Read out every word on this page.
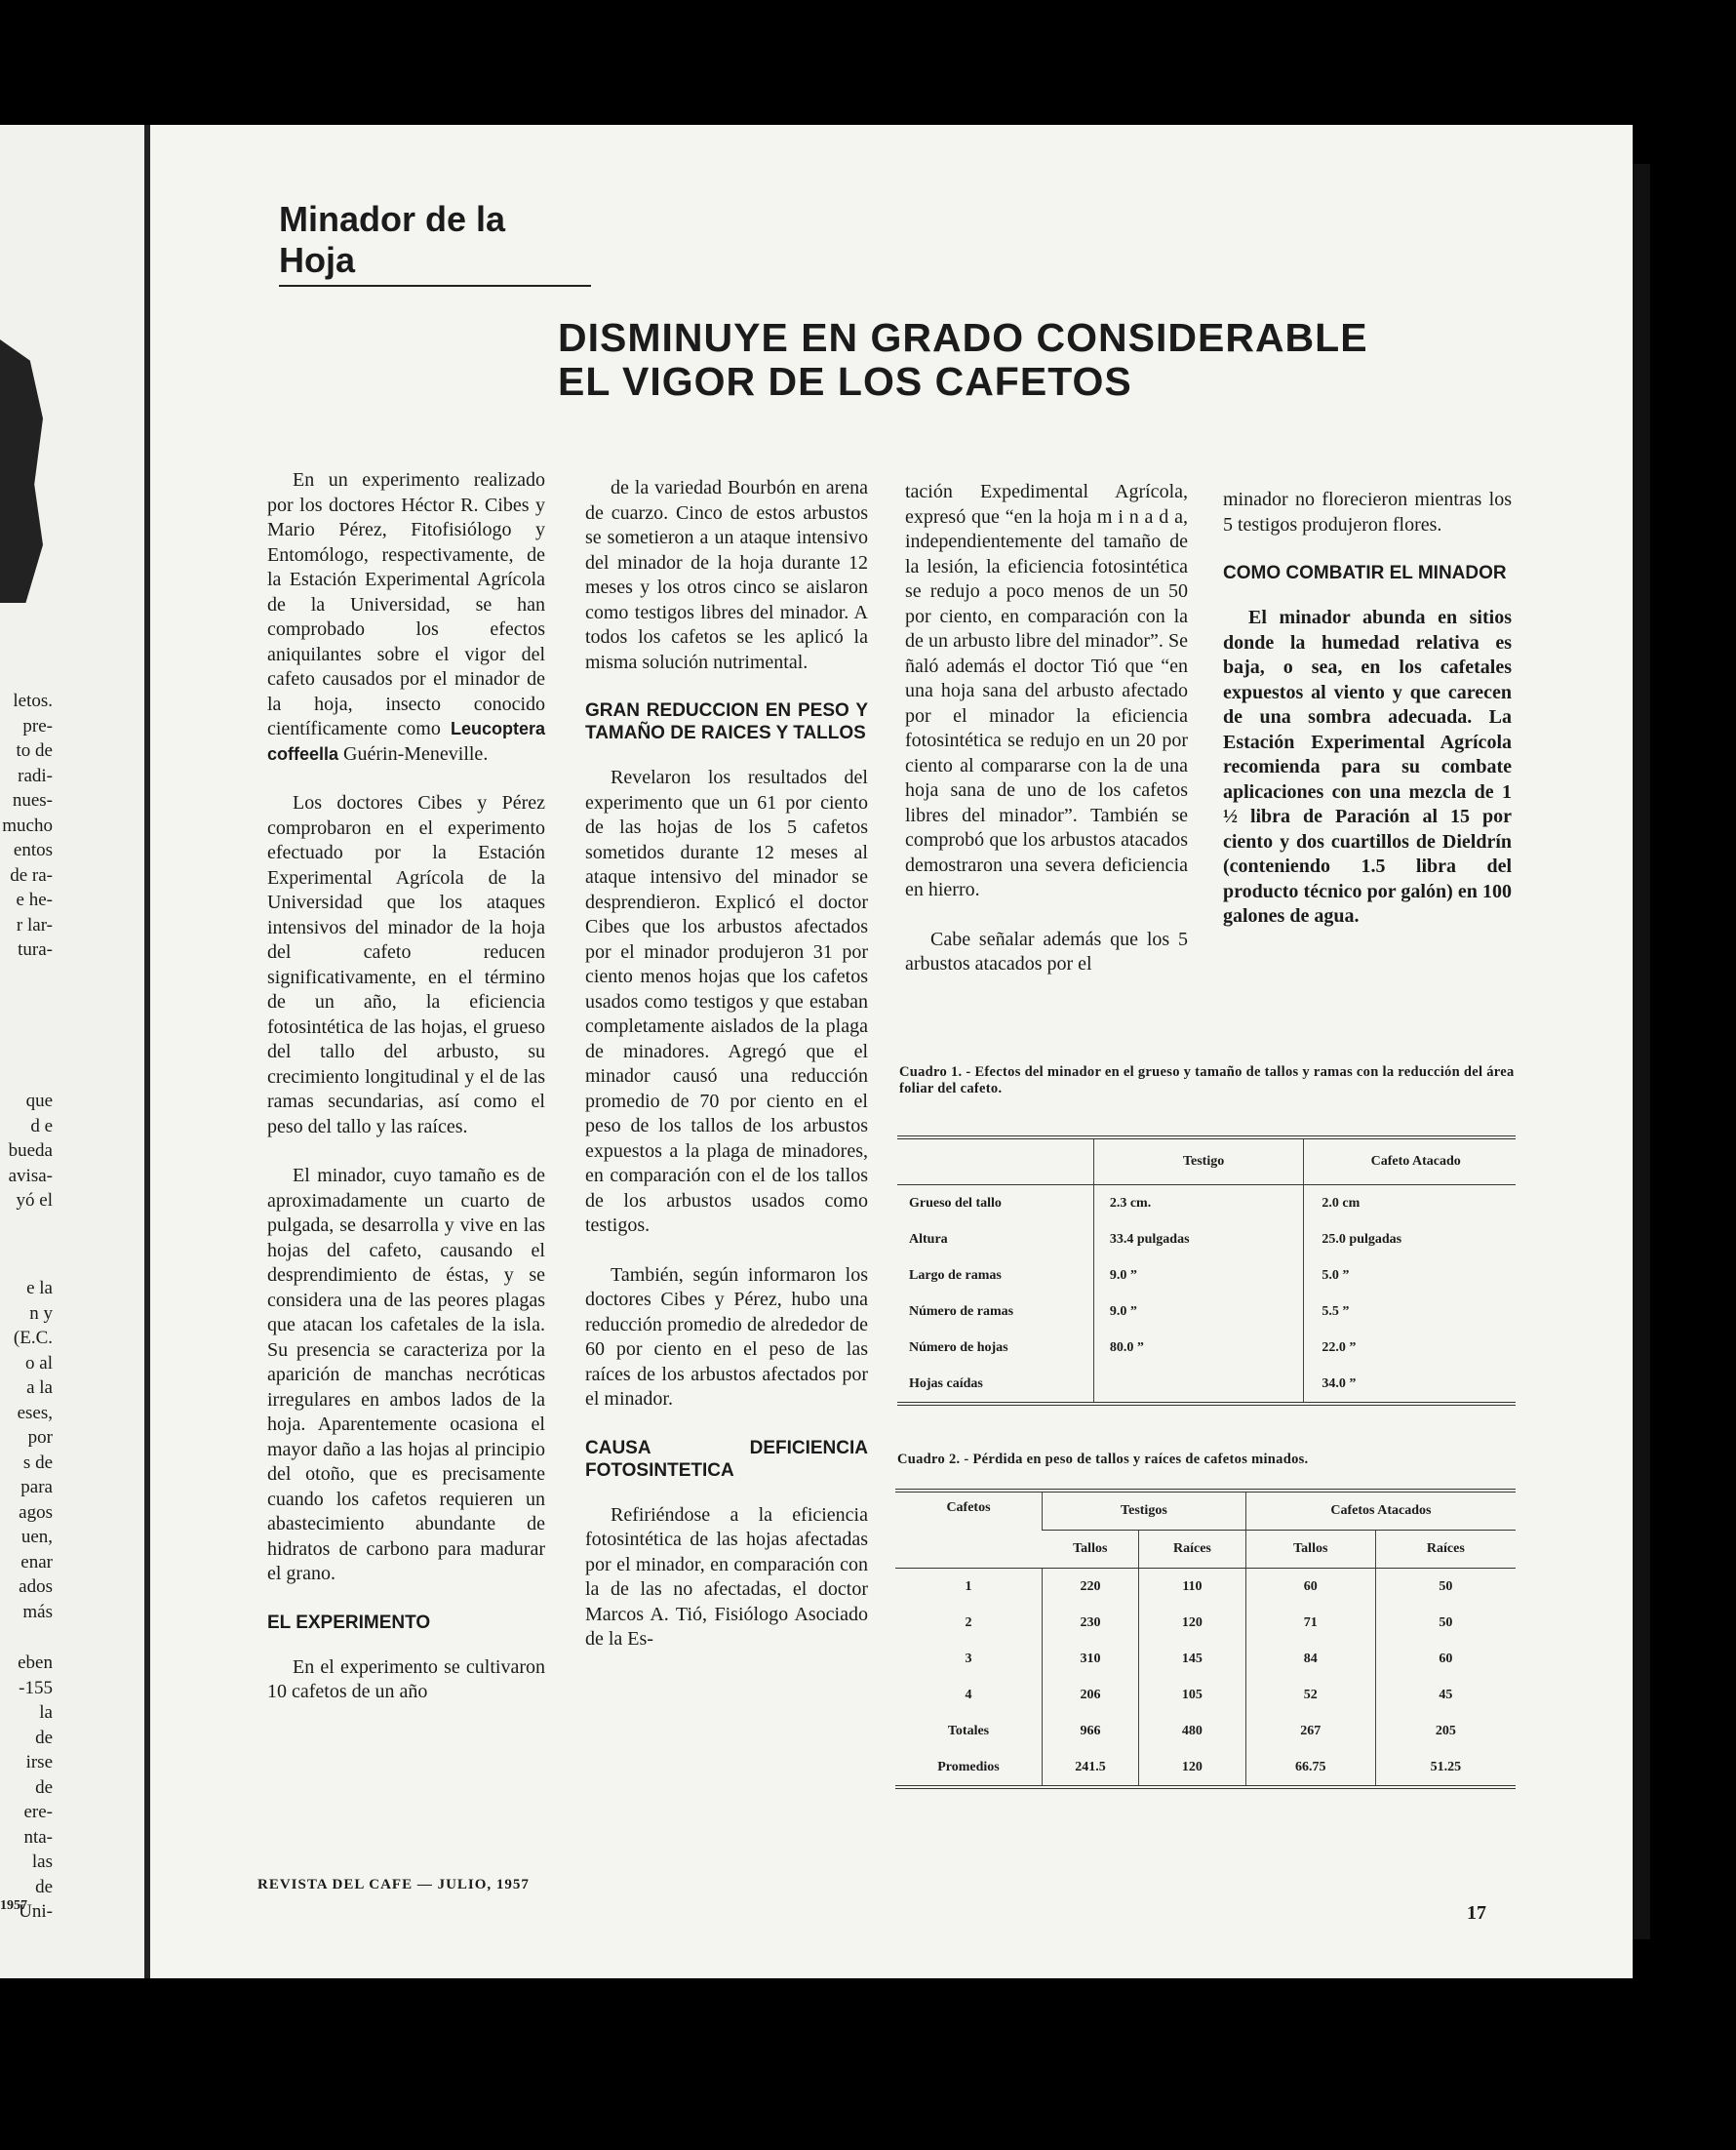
letos.
pre-
to de
radi-
nues-
mucho
entos
de ra-
e he-
r lar-
tura-
que
d e
bueda
avisa-
yó el
e la
n y
(E.C.
o al
a la
eses,
por
s de
para
agos
uen,
enar
ados
más
eben
-155
la
de
irse
de
ere-
nta-
las
de
Uni-
1957
Minador de la Hoja
DISMINUYE EN GRADO CONSIDERABLE
EL VIGOR DE LOS CAFETOS

En un experimento realizado por los doctores Héctor R. Cibes y Mario Pérez, Fitofisiólogo y Entomólogo, respectivamente, de la Estación Experimental Agrícola de la Universidad, se han comprobado los efectos aniquilantes sobre el vigor del cafeto causados por el minador de la hoja, insecto conocido científicamente como Leucoptera coffeella Guérin-Meneville.

Los doctores Cibes y Pérez comprobaron en el experimento efectuado por la Estación Experimental Agrícola de la Universidad que los ataques intensivos del minador de la hoja del cafeto reducen significativamente, en el término de un año, la eficiencia fotosintética de las hojas, el grueso del tallo del arbusto, su crecimiento longitudinal y el de las ramas secundarias, así como el peso del tallo y las raíces.

El minador, cuyo tamaño es de aproximadamente un cuarto de pulgada, se desarrolla y vive en las hojas del cafeto, causando el desprendimiento de éstas, y se considera una de las peores plagas que atacan los cafetales de la isla. Su presencia se caracteriza por la aparición de manchas necróticas irregulares en ambos lados de la hoja. Aparentemente ocasiona el mayor daño a las hojas al principio del otoño, que es precisamente cuando los cafetos requieren un abastecimiento abundante de hidratos de carbono para madurar el grano.

EL EXPERIMENTO

En el experimento se cultivaron 10 cafetos de un año

de la variedad Bourbón en arena de cuarzo. Cinco de estos arbustos se sometieron a un ataque intensivo del minador de la hoja durante 12 meses y los otros cinco se aislaron como testigos libres del minador. A todos los cafetos se les aplicó la misma solución nutrimental.

GRAN REDUCCION EN PESO Y TAMAÑO DE RAICES Y TALLOS

Revelaron los resultados del experimento que un 61 por ciento de las hojas de los 5 cafetos sometidos durante 12 meses al ataque intensivo del minador se desprendieron. Explicó el doctor Cibes que los arbustos afectados por el minador produjeron 31 por ciento menos hojas que los cafetos usados como testigos y que estaban completamente aislados de la plaga de minadores. Agregó que el minador causó una reducción promedio de 70 por ciento en el peso de los tallos de los arbustos expuestos a la plaga de minadores, en comparación con el de los tallos de los arbustos usados como testigos.

También, según informaron los doctores Cibes y Pérez, hubo una reducción promedio de alrededor de 60 por ciento en el peso de las raíces de los arbustos afectados por el minador.

CAUSA DEFICIENCIA FOTOSINTETICA

Refiriéndose a la eficiencia fotosintética de las hojas afectadas por el minador, en comparación con la de las no afectadas, el doctor Marcos A. Tió, Fisiólogo Asociado de la Es-

tación Expedimental Agrícola, expresó que “en la hoja m i n a d a, independientemente del tamaño de la lesión, la eficiencia fotosintética se redujo a poco menos de un 50 por ciento, en comparación con la de un arbusto libre del minador”. Se ñaló además el doctor Tió que “en una hoja sana del arbusto afectado por el minador la eficiencia fotosintética se redujo en un 20 por ciento al compararse con la de una hoja sana de uno de los cafetos libres del minador”. También se comprobó que los arbustos atacados demostraron una severa deficiencia en hierro.

Cabe señalar además que los 5 arbustos atacados por el

minador no florecieron mientras los 5 testigos produjeron flores.

COMO COMBATIR EL MINADOR

El minador abunda en sitios donde la humedad relativa es baja, o sea, en los cafetales expuestos al viento y que carecen de una sombra adecuada. La Estación Experimental Agrícola recomienda para su combate aplicaciones con una mezcla de 1 ½ libra de Paración al 15 por ciento y dos cuartillos de Dieldrín (conteniendo 1.5 libra del producto técnico por galón) en 100 galones de agua.

Cuadro 1. - Efectos del minador en el grueso y tamaño de tallos y ramas con la reducción del área foliar del cafeto.
	Testigo	Cafeto Atacado
Grueso del tallo	2.3 cm.	2.0 cm
Altura	33.4 pulgadas	25.0 pulgadas
Largo de ramas	9.0 ”	5.0 ”
Número de ramas	9.0 ”	5.5 ”
Número de hojas	80.0 ”	22.0 ”
Hojas caídas		34.0 ”
Cuadro 2. - Pérdida en peso de tallos y raíces de cafetos minados.
Cafetos	Testigos		Cafetos Atacados	
	Tallos	Raíces	Tallos	Raíces
1	220	110	60	50
2	230	120	71	50
3	310	145	84	60
4	206	105	52	45
Totales	966	480	267	205
Promedios	241.5	120	66.75	51.25
REVISTA DEL CAFE — JULIO, 1957
17
